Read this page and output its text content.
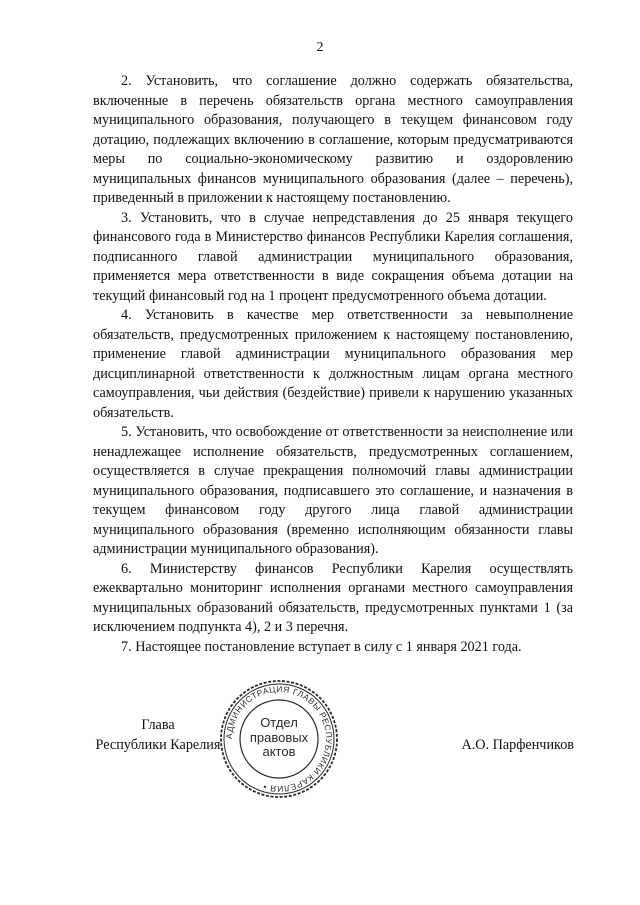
2

2. Установить, что соглашение должно содержать обязательства, включенные в перечень обязательств органа местного самоуправления муниципального образования, получающего в текущем финансовом году дотацию, подлежащих включению в соглашение, которым предусматриваются меры по социально-экономическому развитию и оздоровлению муниципальных финансов муниципального образования (далее – перечень), приведенный в приложении к настоящему постановлению.

3. Установить, что в случае непредставления до 25 января текущего финансового года в Министерство финансов Республики Карелия соглашения, подписанного главой администрации муниципального образования, применяется мера ответственности в виде сокращения объема дотации на текущий финансовый год на 1 процент предусмотренного объема дотации.

4. Установить в качестве мер ответственности за невыполнение обязательств, предусмотренных приложением к настоящему постановлению, применение главой администрации муниципального образования мер дисциплинарной ответственности к должностным лицам органа местного самоуправления, чьи действия (бездействие) привели к нарушению указанных обязательств.

5. Установить, что освобождение от ответственности за неисполнение или ненадлежащее исполнение обязательств, предусмотренных соглашением, осуществляется в случае прекращения полномочий главы администрации муниципального образования, подписавшего это соглашение, и назначения в текущем финансовом году другого лица главой администрации муниципального образования (временно исполняющим обязанности главы администрации муниципального образования).

6. Министерству финансов Республики Карелия осуществлять ежеквартально мониторинг исполнения органами местного самоуправления муниципальных образований обязательств, предусмотренных пунктами 1 (за исключением подпункта 4), 2 и 3 перечня.

7. Настоящее постановление вступает в силу с 1 января 2021 года.

Глава
Республики Карелия
АДМИНИСТРАЦИЯ ГЛАВЫ РЕСПУБЛИКИ КАРЕЛИЯ •
Отдел
правовых
актов	А.О. Парфенчиков
